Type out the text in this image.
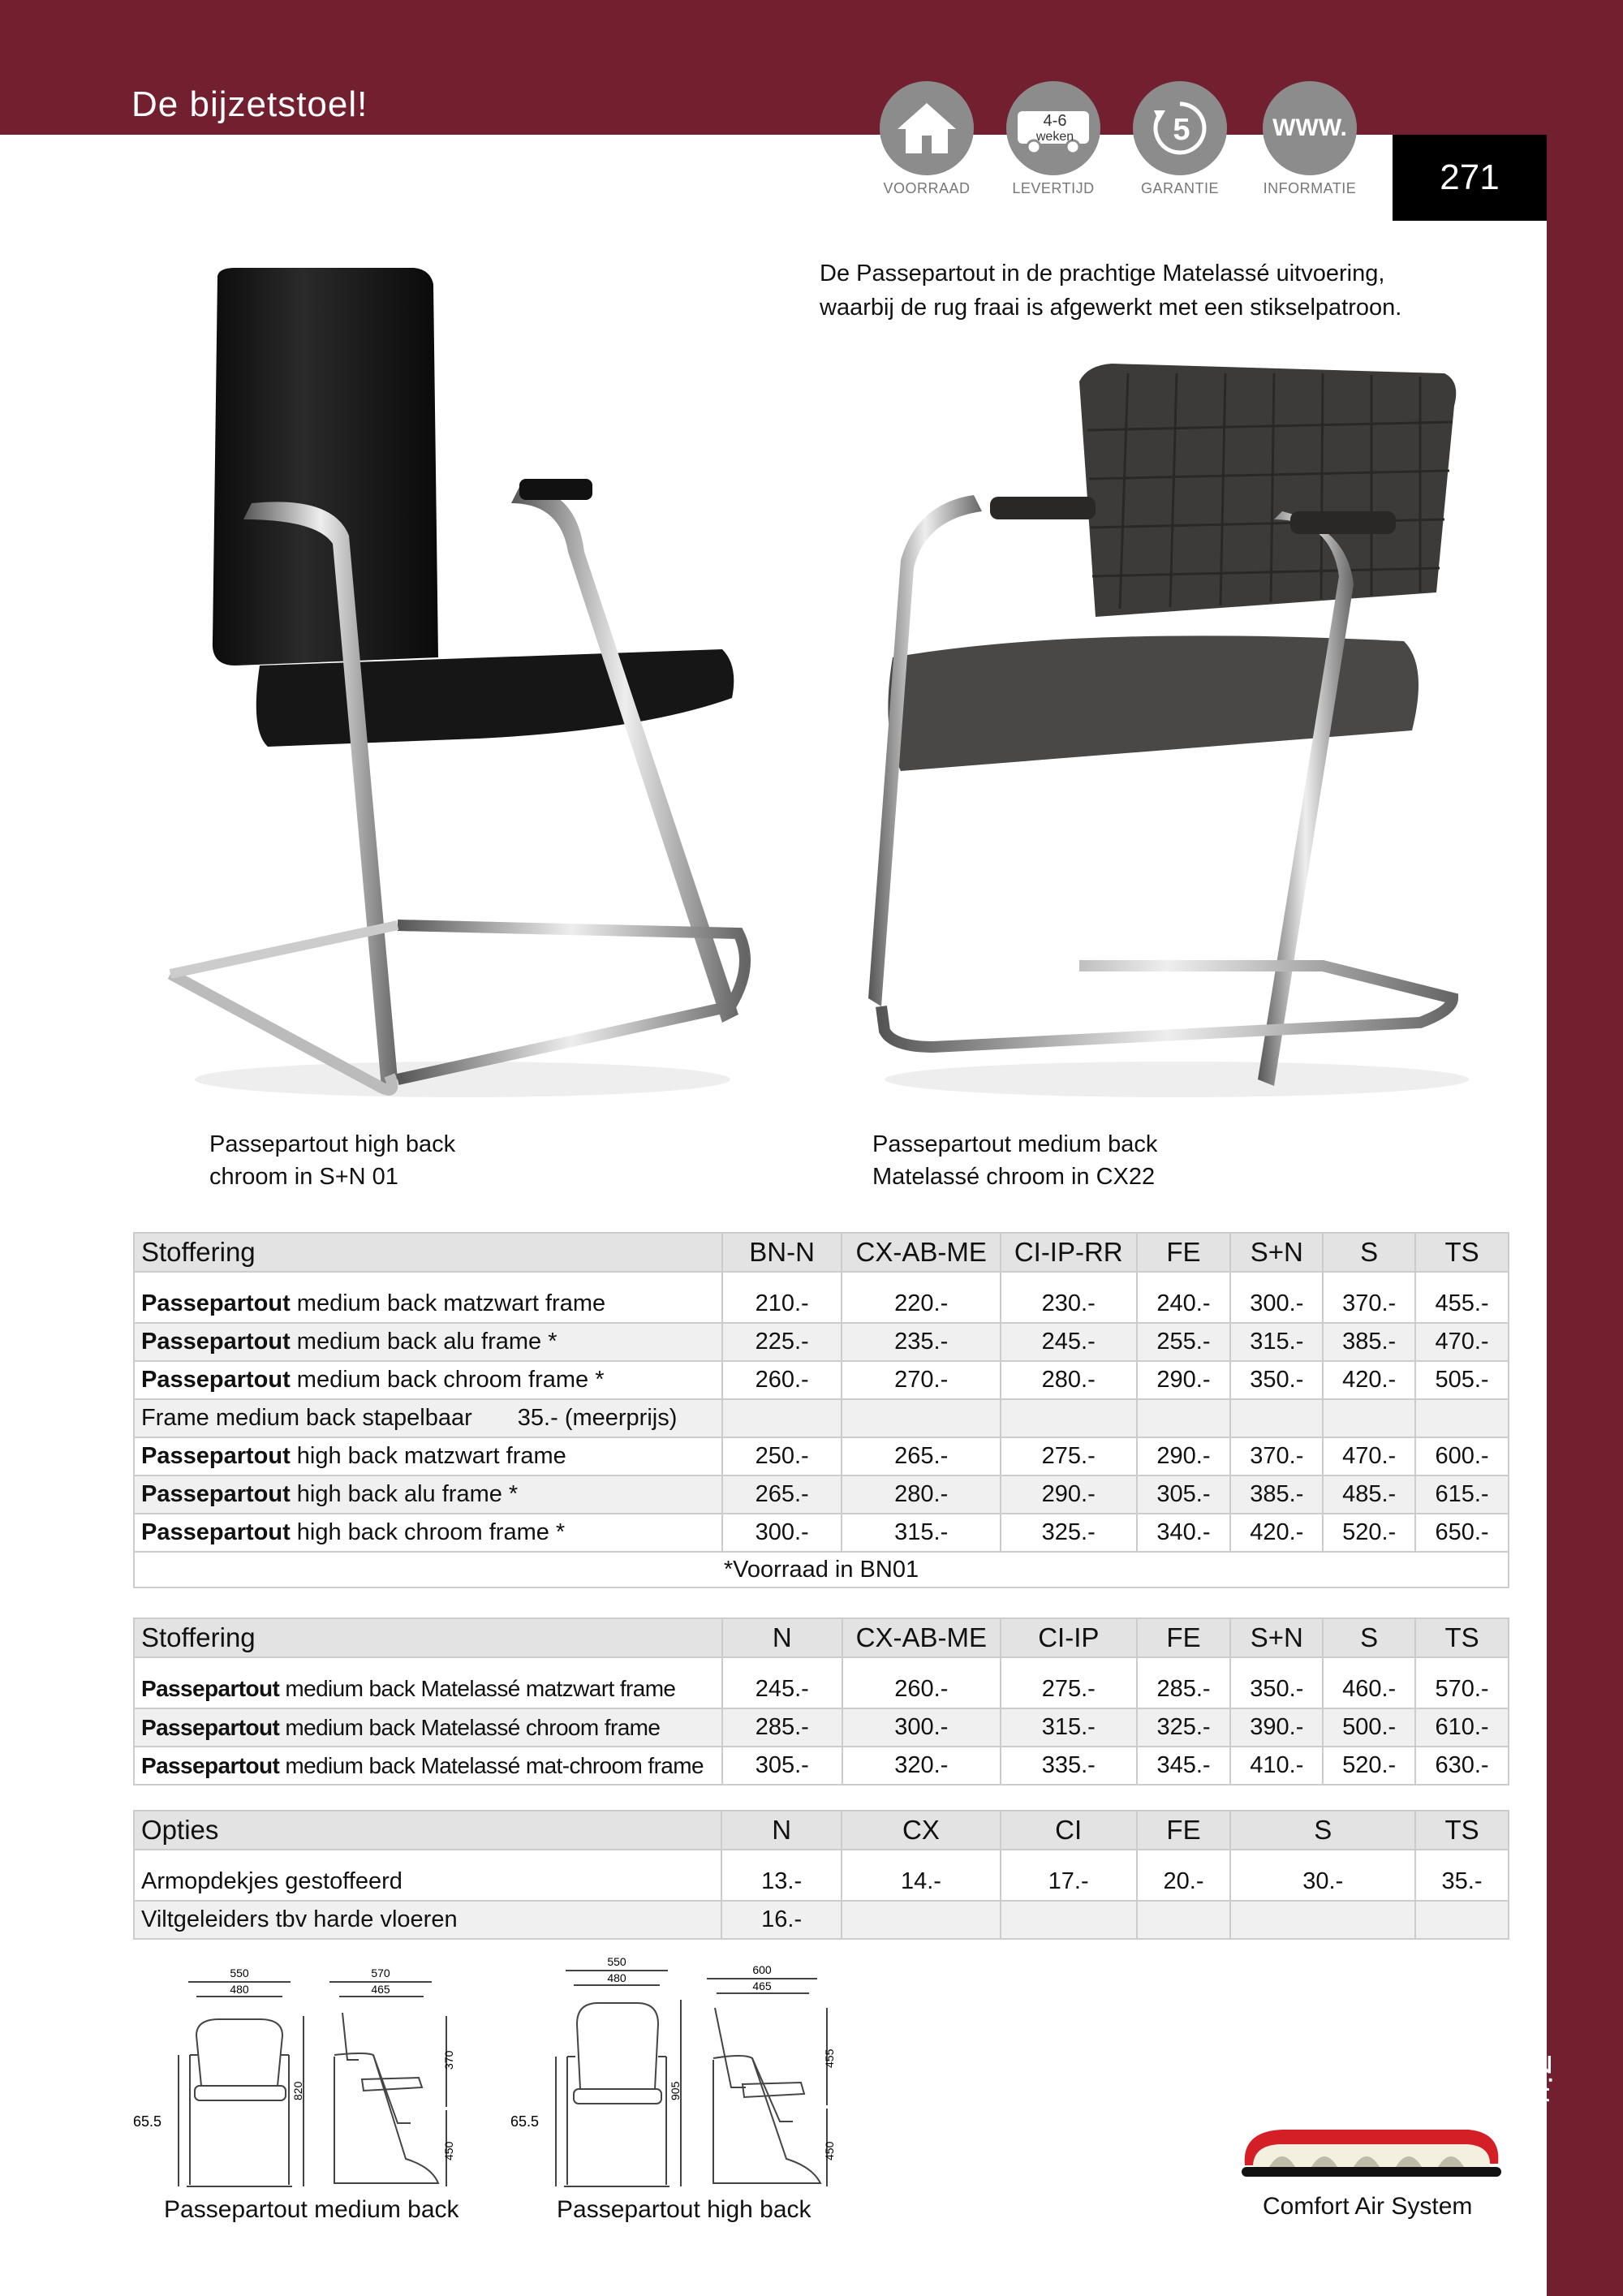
De bijzetstoel!
271
VOORRAAD
4-6
weken
LEVERTIJD
5
GARANTIE
WWW.
INFORMATIE
De Passepartout in de prachtige Matelassé uitvoering,
waarbij de rug fraai is afgewerkt met een stikselpatroon.
Passepartout high back
chroom in S+N 01
Passepartout medium back
Matelassé chroom in CX22
Stoffering	BN-N	CX-AB-ME	CI-IP-RR	FE	S+N	S	TS

Passepartout medium back matzwart frame	210.-	220.-	230.-	240.-	300.-	370.-	455.-
Passepartout medium back alu frame *	225.-	235.-	245.-	255.-	315.-	385.-	470.-
Passepartout medium back chroom frame *	260.-	270.-	280.-	290.-	350.-	420.-	505.-
Frame medium back stapelbaar 35.- (meerprijs)							
Passepartout high back matzwart frame	250.-	265.-	275.-	290.-	370.-	470.-	600.-
Passepartout high back alu frame *	265.-	280.-	290.-	305.-	385.-	485.-	615.-
Passepartout high back chroom frame *	300.-	315.-	325.-	340.-	420.-	520.-	650.-
*Voorraad in BN01							
Stoffering	N	CX-AB-ME	CI-IP	FE	S+N	S	TS

Passepartout medium back Matelassé matzwart frame	245.-	260.-	275.-	285.-	350.-	460.-	570.-
Passepartout medium back Matelassé chroom frame	285.-	300.-	315.-	325.-	390.-	500.-	610.-
Passepartout medium back Matelassé mat-chroom frame	305.-	320.-	335.-	345.-	410.-	520.-	630.-
Opties	N	CX	CI	FE	S	TS

Armopdekjes gestoffeerd	13.-	14.-	17.-	20.-	30.-	35.-
Viltgeleiders tbv harde vloeren	16.-					
550
480
570
465
65.5
820
370
450
Passepartout medium back
550
480
600
465
65.5
905
455
450
Passepartout high back	Comfort Air System
Zitten
